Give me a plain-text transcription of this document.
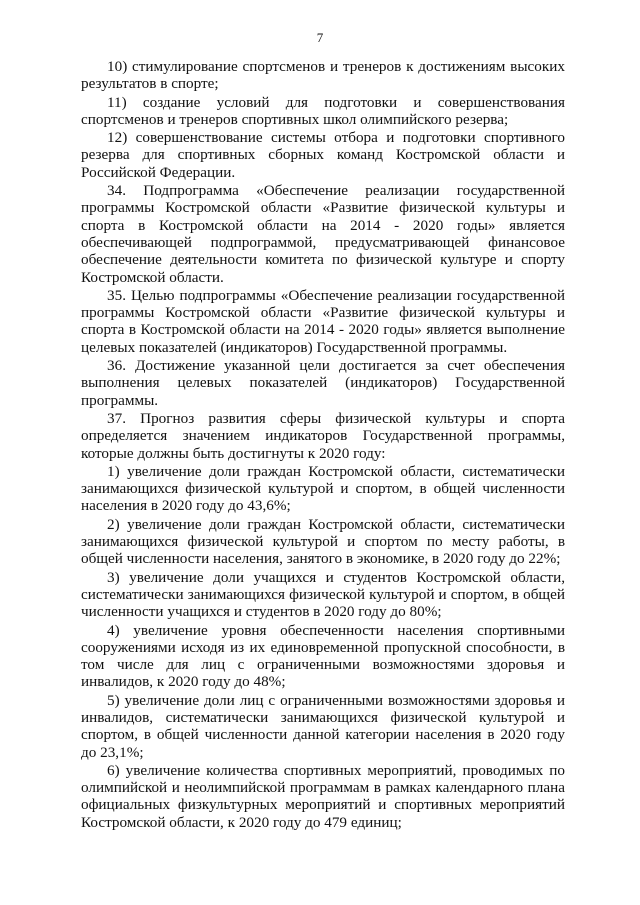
7

10) стимулирование спортсменов и тренеров к достижениям высоких результатов в спорте;

11) создание условий для подготовки и совершенствования спортсменов и тренеров спортивных школ олимпийского резерва;

12) совершенствование системы отбора и подготовки спортивного резерва для спортивных сборных команд Костромской области и Российской Федерации.

34. Подпрограмма «Обеспечение реализации государственной программы Костромской области «Развитие физической культуры и спорта в Костромской области на 2014 - 2020 годы» является обеспечивающей подпрограммой, предусматривающей финансовое обеспечение деятельности комитета по физической культуре и спорту Костромской области.

35. Целью подпрограммы «Обеспечение реализации государственной программы Костромской области «Развитие физической культуры и спорта в Костромской области на 2014 - 2020 годы» является выполнение целевых показателей (индикаторов) Государственной программы.

36. Достижение указанной цели достигается за счет обеспечения выполнения целевых показателей (индикаторов) Государственной программы.

37. Прогноз развития сферы физической культуры и спорта определяется значением индикаторов Государственной программы, которые должны быть достигнуты к 2020 году:

1) увеличение доли граждан Костромской области, систематически занимающихся физической культурой и спортом, в общей численности населения в 2020 году до 43,6%;

2) увеличение доли граждан Костромской области, систематически занимающихся физической культурой и спортом по месту работы, в общей численности населения, занятого в экономике, в 2020 году до 22%;

3) увеличение доли учащихся и студентов Костромской области, систематически занимающихся физической культурой и спортом, в общей численности учащихся и студентов в 2020 году до 80%;

4) увеличение уровня обеспеченности населения спортивными сооружениями исходя из их единовременной пропускной способности, в том числе для лиц с ограниченными возможностями здоровья и инвалидов, к 2020 году до 48%;

5) увеличение доли лиц с ограниченными возможностями здоровья и инвалидов, систематически занимающихся физической культурой и спортом, в общей численности данной категории населения в 2020 году до 23,1%;

6) увеличение количества спортивных мероприятий, проводимых по олимпийской и неолимпийской программам в рамках календарного плана официальных физкультурных мероприятий и спортивных мероприятий Костромской области, к 2020 году до 479 единиц;
